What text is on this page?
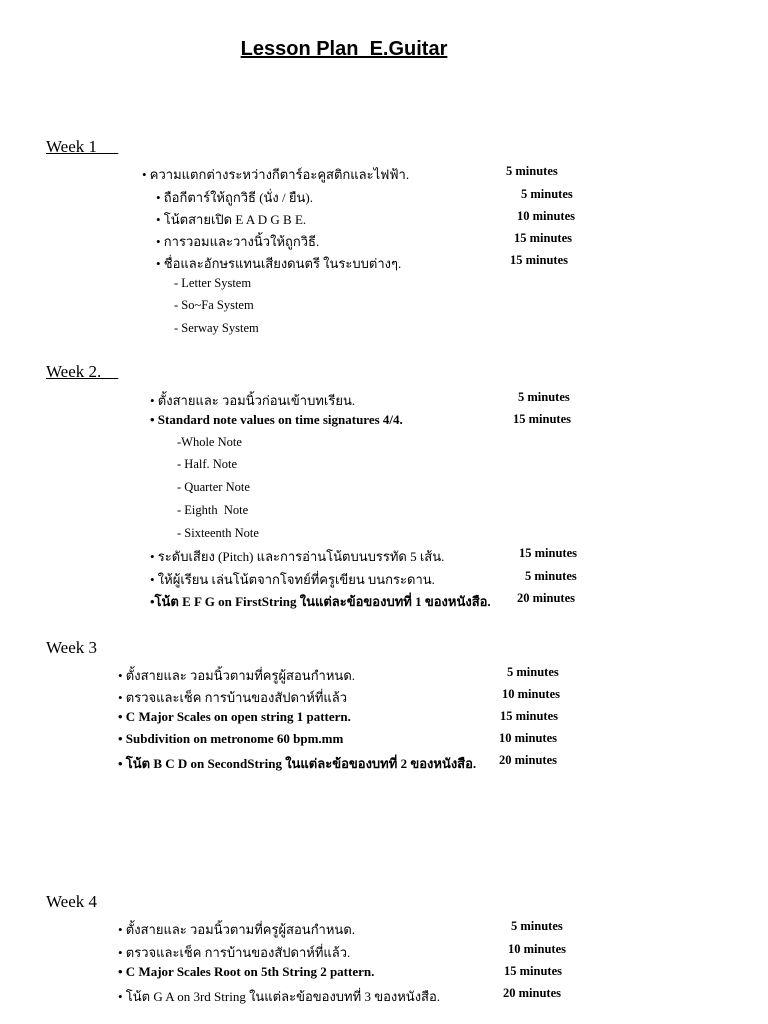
Lesson Plan  E.Guitar
Week 1
• ความแตกต่างระหว่างกีตาร์อะคูสติกและไฟฟ้า.	5 minutes
• ถือกีตาร์ให้ถูกวิธี (นั่ง / ยืน).	5 minutes
• โน้ตสายเปิด E A D G B E.	10 minutes
• การวอมและวางนิ้วให้ถูกวิธี.	15 minutes
• ชื่อและอักษรแทนเสียงดนตรี ในระบบต่างๆ.	15 minutes
- Letter System
- So~Fa System
- Serway System
Week 2.
• ตั้งสายและ วอมนิ้วก่อนเข้าบทเรียน.	5 minutes
• Standard note values on time signatures 4/4.	15 minutes
-Whole Note
- Half. Note
- Quarter Note
- Eighth  Note
- Sixteenth Note
• ระดับเสียง (Pitch) และการอ่านโน้ตบนบรรทัด 5 เส้น.	15 minutes
• ให้ผู้เรียน เล่นโน้ตจากโจทย์ที่ครูเขียน บนกระดาน.	5 minutes
•โน้ต E F G on FirstString ในแต่ละข้อของบทที่ 1 ของหนังสือ. 20 minutes
Week 3
• ตั้งสายและ วอมนิ้วตามที่ครูผู้สอนกำหนด.	5 minutes
• ตรวจและเช็ค การบ้านของสัปดาห์ที่แล้ว	10 minutes
• C Major Scales on open string 1 pattern.	15 minutes
• Subdivition on metronome 60 bpm.mm	10 minutes
• โน้ต B C D on SecondString ในแต่ละข้อของบทที่ 2 ของหนังสือ. 20 minutes
Week 4
• ตั้งสายและ วอมนิ้วตามที่ครูผู้สอนกำหนด.	5 minutes
• ตรวจและเช็ค การบ้านของสัปดาห์ที่แล้ว.	10 minutes
• C Major Scales Root on 5th String 2 pattern.	15 minutes
• โน้ต G A on 3rd String ในแต่ละข้อของบทที่ 3 ของหนังสือ.	20 minutes
